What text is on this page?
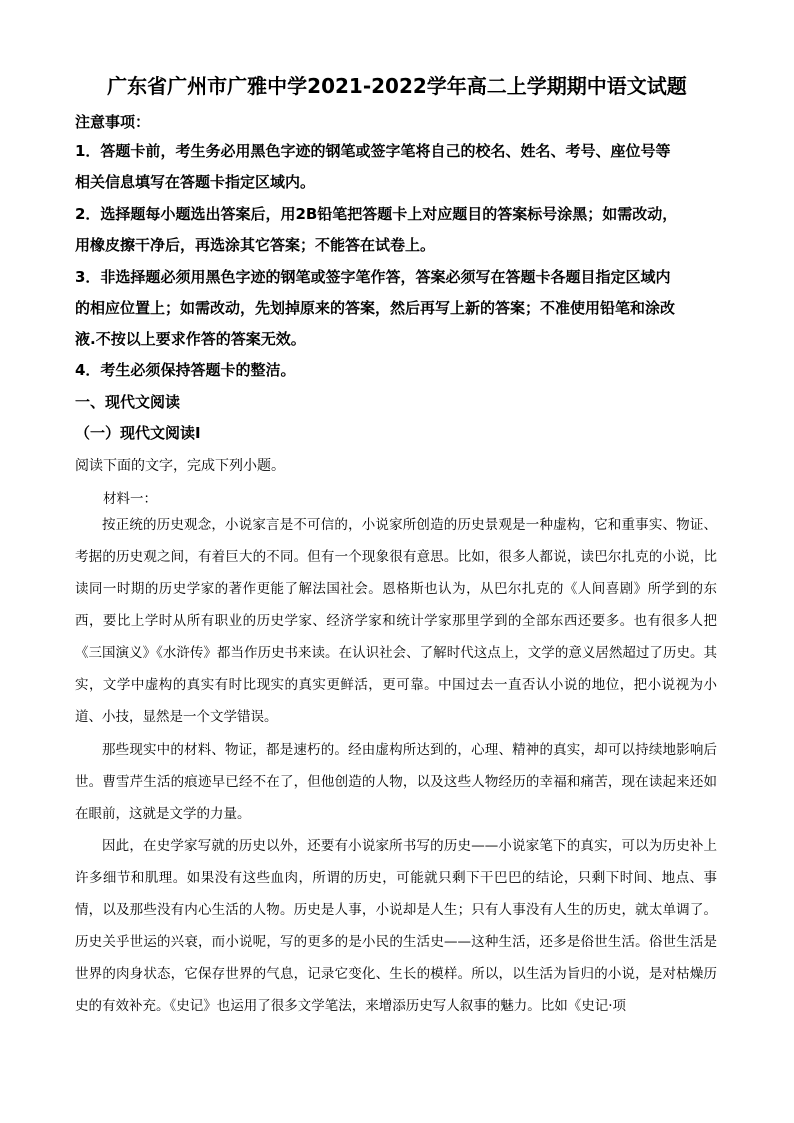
广东省广州市广雅中学2021-2022学年高二上学期期中语文试题
注意事项：
1．答题卡前，考生务必用黑色字迹的钢笔或签字笔将自己的校名、姓名、考号、座位号等
相关信息填写在答题卡指定区域内。
2．选择题每小题选出答案后，用2B铅笔把答题卡上对应题目的答案标号涂黑；如需改动，
用橡皮擦干净后，再选涂其它答案；不能答在试卷上。
3．非选择题必须用黑色字迹的钢笔或签字笔作答，答案必须写在答题卡各题目指定区域内
的相应位置上；如需改动，先划掉原来的答案，然后再写上新的答案；不准使用铅笔和涂改
液.不按以上要求作答的答案无效。
4．考生必须保持答题卡的整洁。
一、现代文阅读
（一）现代文阅读Ⅰ
阅读下面的文字，完成下列小题。
材料一：

按正统的历史观念，小说家言是不可信的，小说家所创造的历史景观是一种虚构，它和重事实、物证、考据的历史观之间，有着巨大的不同。但有一个现象很有意思。比如，很多人都说，读巴尔扎克的小说，比读同一时期的历史学家的著作更能了解法国社会。恩格斯也认为，从巴尔扎克的《人间喜剧》所学到的东西，要比上学时从所有职业的历史学家、经济学家和统计学家那里学到的全部东西还要多。也有很多人把《三国演义》《水浒传》都当作历史书来读。在认识社会、了解时代这点上，文学的意义居然超过了历史。其实，文学中虚构的真实有时比现实的真实更鲜活，更可靠。中国过去一直否认小说的地位，把小说视为小道、小技，显然是一个文学错误。

那些现实中的材料、物证，都是速朽的。经由虚构所达到的，心理、精神的真实，却可以持续地影响后世。曹雪芹生活的痕迹早已经不在了，但他创造的人物，以及这些人物经历的幸福和痛苦，现在读起来还如在眼前，这就是文学的力量。

因此，在史学家写就的历史以外，还要有小说家所书写的历史——小说家笔下的真实，可以为历史补上许多细节和肌理。如果没有这些血肉，所谓的历史，可能就只剩下干巴巴的结论，只剩下时间、地点、事情，以及那些没有内心生活的人物。历史是人事，小说却是人生；只有人事没有人生的历史，就太单调了。历史关乎世运的兴衰，而小说呢，写的更多的是小民的生活史——这种生活，还多是俗世生活。俗世生活是世界的肉身状态，它保存世界的气息，记录它变化、生长的模样。所以，以生活为旨归的小说，是对枯燥历史的有效补充。《史记》也运用了很多文学笔法，来增添历史写人叙事的魅力。比如《史记·项
